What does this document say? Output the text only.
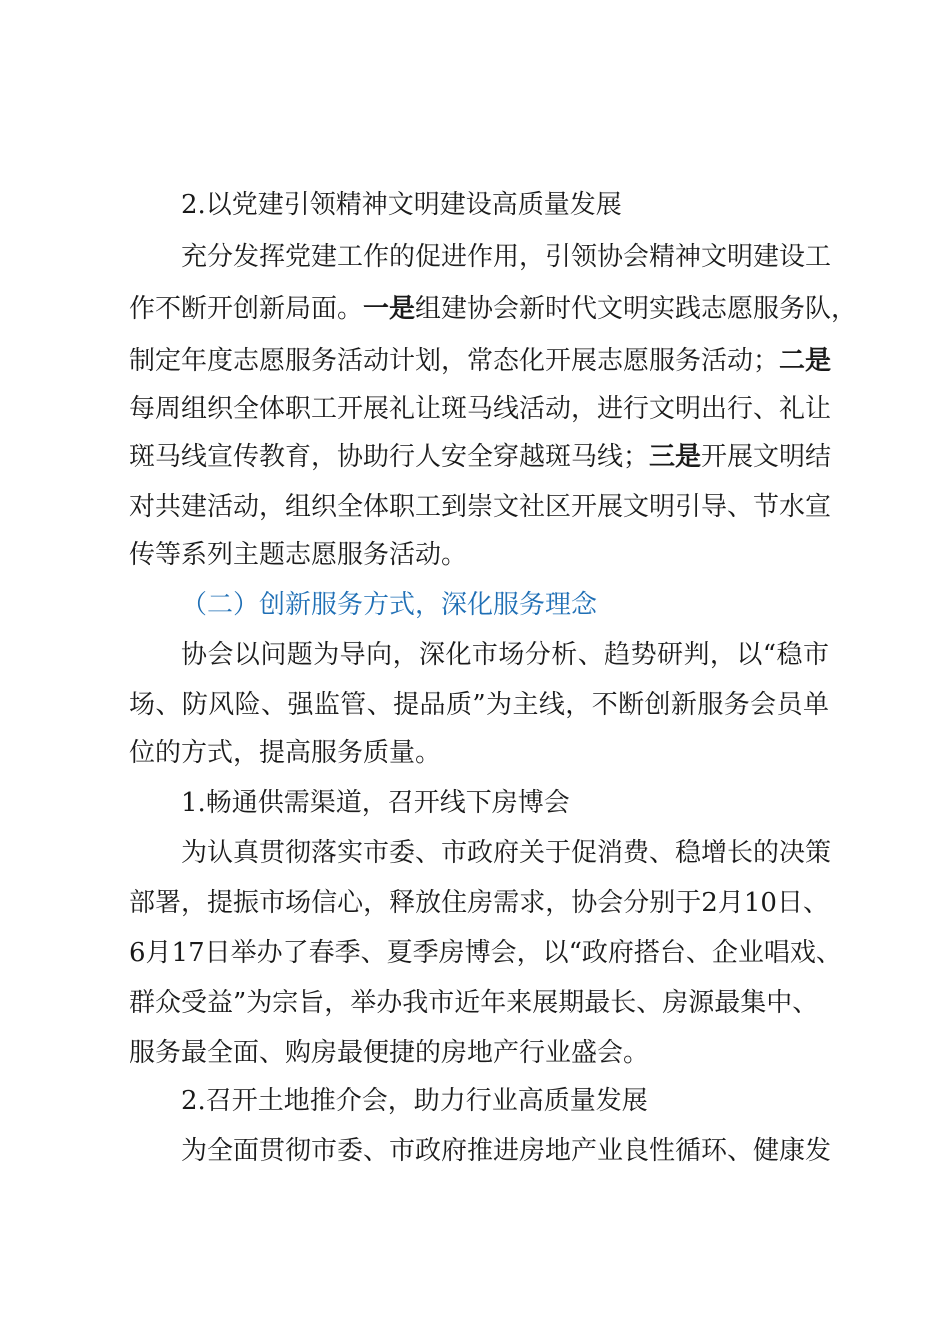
2.以党建引领精神文明建设高质量发展
充分发挥党建工作的促进作用，引领协会精神文明建设工
作不断开创新局面。一是组建协会新时代文明实践志愿服务队，
制定年度志愿服务活动计划，常态化开展志愿服务活动；二是
每周组织全体职工开展礼让斑马线活动，进行文明出行、礼让
斑马线宣传教育，协助行人安全穿越斑马线；三是开展文明结
对共建活动，组织全体职工到崇文社区开展文明引导、节水宣
传等系列主题志愿服务活动。
（二）创新服务方式，深化服务理念
协会以问题为导向，深化市场分析、趋势研判，以“稳市
场、防风险、强监管、提品质”为主线，不断创新服务会员单
位的方式，提高服务质量。
1.畅通供需渠道，召开线下房博会
为认真贯彻落实市委、市政府关于促消费、稳增长的决策
部署，提振市场信心，释放住房需求，协会分别于2月10日、
6月17日举办了春季、夏季房博会，以“政府搭台、企业唱戏、
群众受益”为宗旨，举办我市近年来展期最长、房源最集中、
服务最全面、购房最便捷的房地产行业盛会。
2.召开土地推介会，助力行业高质量发展
为全面贯彻市委、市政府推进房地产业良性循环、健康发
